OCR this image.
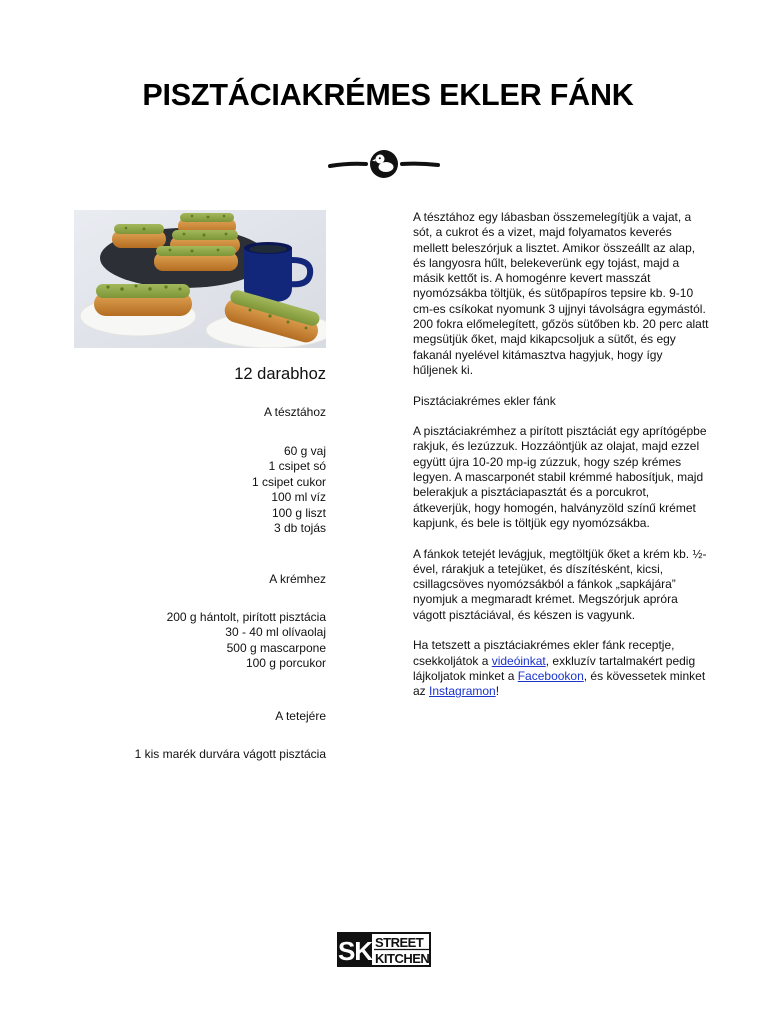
PISZTÁCIAKRÉMES EKLER FÁNK
12 darabhoz

A tésztához

60 g vaj
1 csipet só
1 csipet cukor
100 ml víz
100 g liszt
3 db tojás

A krémhez

200 g hántolt, pirított pisztácia
30 - 40 ml olívaolaj
500 g mascarpone
100 g porcukor

A tetejére

1 kis marék durvára vágott pisztácia

A tésztához egy lábasban összemelegítjük a vajat, a sót, a cukrot és a vizet, majd folyamatos keverés mellett beleszórjuk a lisztet. Amikor összeállt az alap, és langyosra hűlt, belekeverünk egy tojást, majd a másik kettőt is. A homogénre kevert masszát nyomózsákba töltjük, és sütőpapíros tepsire kb. 9-10 cm-es csíkokat nyomunk 3 ujjnyi távolságra egymástól. 200 fokra előmelegített, gőzös sütőben kb. 20 perc alatt megsütjük őket, majd kikapcsoljuk a sütőt, és egy fakanál nyelével kitámasztva hagyjuk, hogy így hűljenek ki.

Pisztáciakrémes ekler fánk

A pisztáciakrémhez a pirított pisztáciát egy aprítógépbe rakjuk, és lezúzzuk. Hozzáöntjük az olajat, majd ezzel együtt újra 10-20 mp-ig zúzzuk, hogy szép krémes legyen. A mascarponét stabil krémmé habosítjuk, majd belerakjuk a pisztáciapasztát és a porcukrot, átkeverjük, hogy homogén, halványzöld színű krémet kapjunk, és bele is töltjük egy nyomózsákba.

A fánkok tetejét levágjuk, megtöltjük őket a krém kb. ½-ével, rárakjuk a tetejüket, és díszítésként, kicsi, csillagcsöves nyomózsákból a fánkok „sapkájára” nyomjuk a megmaradt krémet. Megszórjuk apróra vágott pisztáciával, és készen is vagyunk.

Ha tetszett a pisztáciakrémes ekler fánk receptje, csekkoljátok a videóinkat, exkluzív tartalmakért pedig lájkoljatok minket a Facebookon, és kövessetek minket az Instagramon!

SK STREET
KITCHEN
